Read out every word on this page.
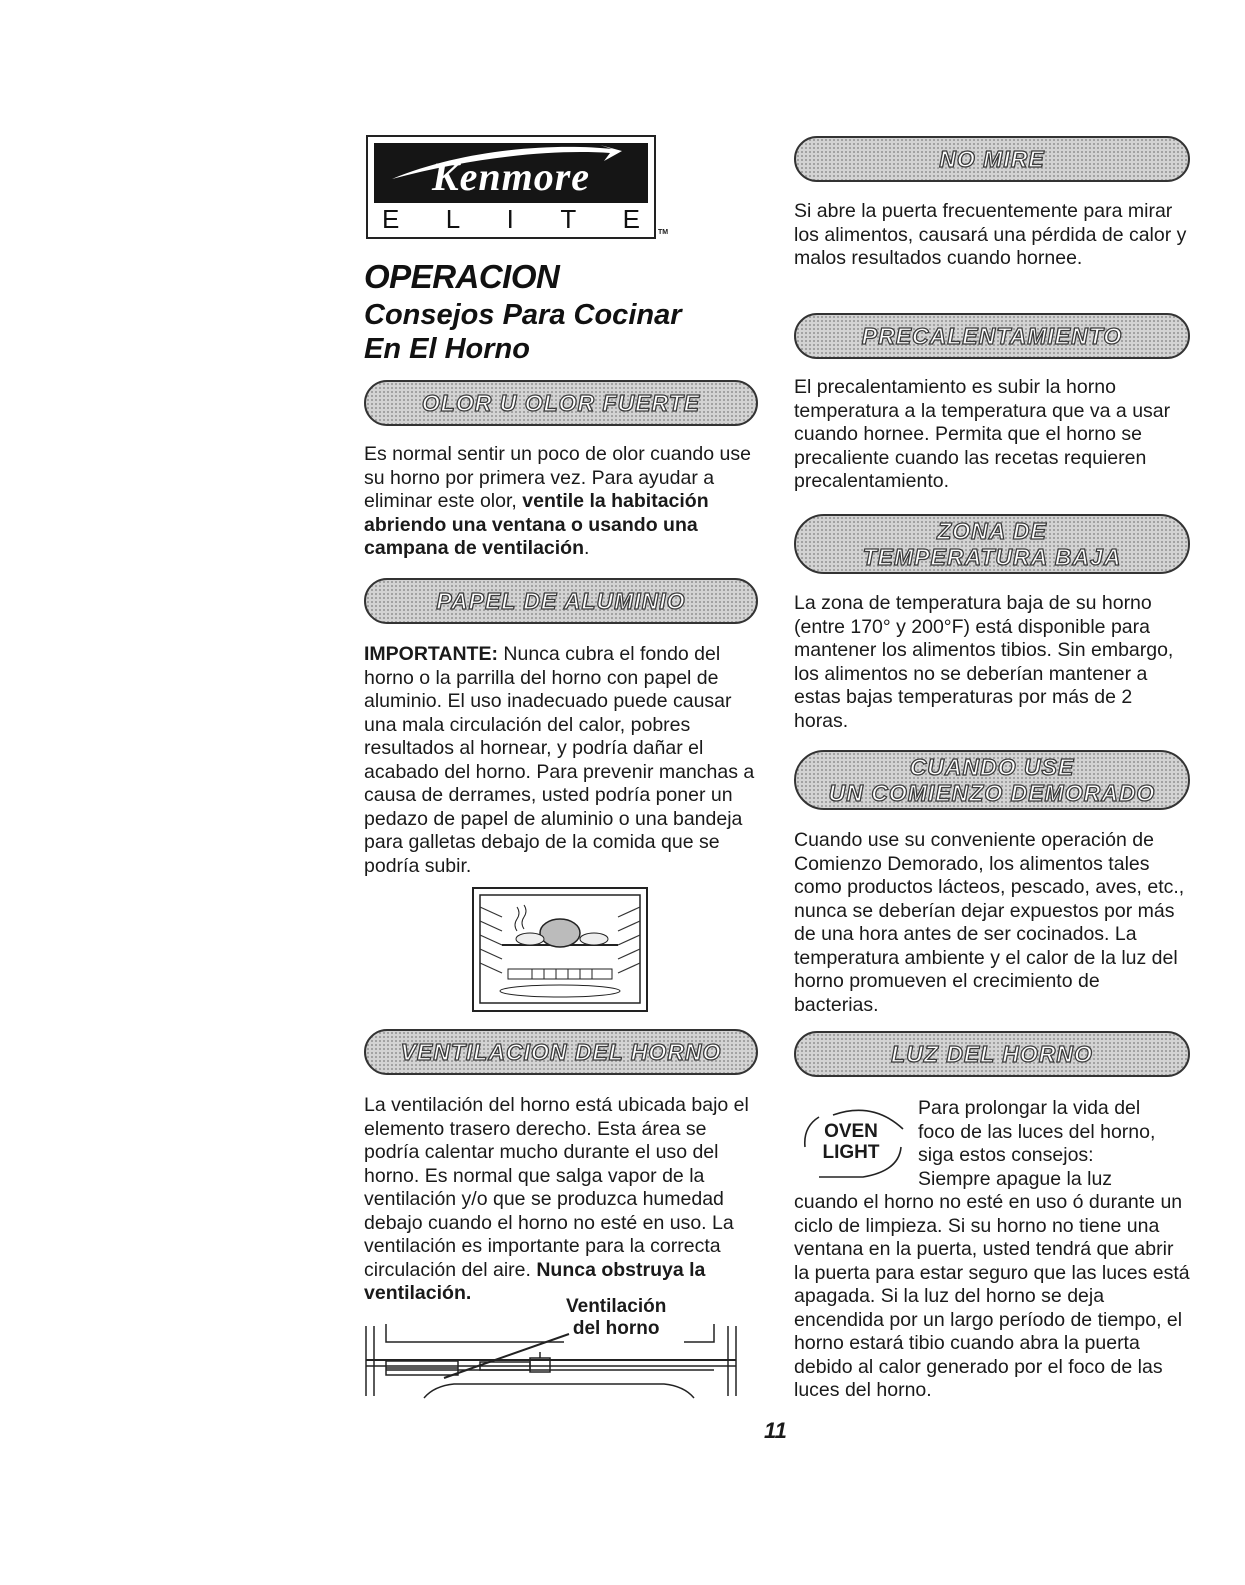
Kenmore
E L I T E	TM
OPERACION
Consejos Para Cocinar
En El Horno
OLOR U OLOR FUERTE
Es normal sentir un poco de olor cuando use su horno por primera vez. Para ayudar a eliminar este olor, ventile la habitación abriendo una ventana o usando una campana de ventilación.
PAPEL DE ALUMINIO
IMPORTANTE: Nunca cubra el fondo del horno o la parrilla del horno con papel de aluminio. El uso inadecuado puede causar una mala circulación del calor, pobres resultados al hornear, y podría dañar el acabado del horno. Para prevenir manchas a causa de derrames, usted podría poner un pedazo de papel de aluminio o una bandeja para galletas debajo de la comida que se podría subir.
VENTILACION DEL HORNO
La ventilación del horno está ubicada bajo el elemento trasero derecho. Esta área se podría calentar mucho durante el uso del horno. Es normal que salga vapor de la ventilación y/o que se produzca humedad debajo cuando el horno no esté en uso. La ventilación es importante para la correcta circulación del aire. Nunca obstruya la ventilación.
Ventilación
del horno
NO MIRE
Si abre la puerta frecuentemente para mirar los alimentos, causará una pérdida de calor y malos resultados cuando hornee.
PRECALENTAMIENTO
El precalentamiento es subir la horno temperatura a la temperatura que va a usar cuando hornee. Permita que el horno se precaliente cuando las recetas requieren precalentamiento.
ZONA DE
TEMPERATURA BAJA
La zona de temperatura baja de su horno (entre 170° y 200°F) está disponible para mantener los alimentos tibios. Sin embargo, los alimentos no se deberían mantener a estas bajas temperaturas por más de 2 horas.
CUANDO USE
UN COMIENZO DEMORADO
Cuando use su conveniente operación de Comienzo Demorado, los alimentos tales como productos lácteos, pescado, aves, etc., nunca se deberían dejar expuestos por más de una hora antes de ser cocinados. La temperatura ambiente y el calor de la luz del horno promueven el crecimiento de bacterias.
LUZ DEL HORNO
OVEN
LIGHT
Para prolongar la vida del
foco de las luces del horno,
siga estos consejos:
Siempre apague la luz
cuando el horno no esté en uso ó durante un ciclo de limpieza. Si su horno no tiene una ventana en la puerta, usted tendrá que abrir la puerta para estar seguro que las luces está apagada. Si la luz del horno se deja encendida por un largo período de tiempo, el horno estará tibio cuando abra la puerta debido al calor generado por el foco de las luces del horno.
11
